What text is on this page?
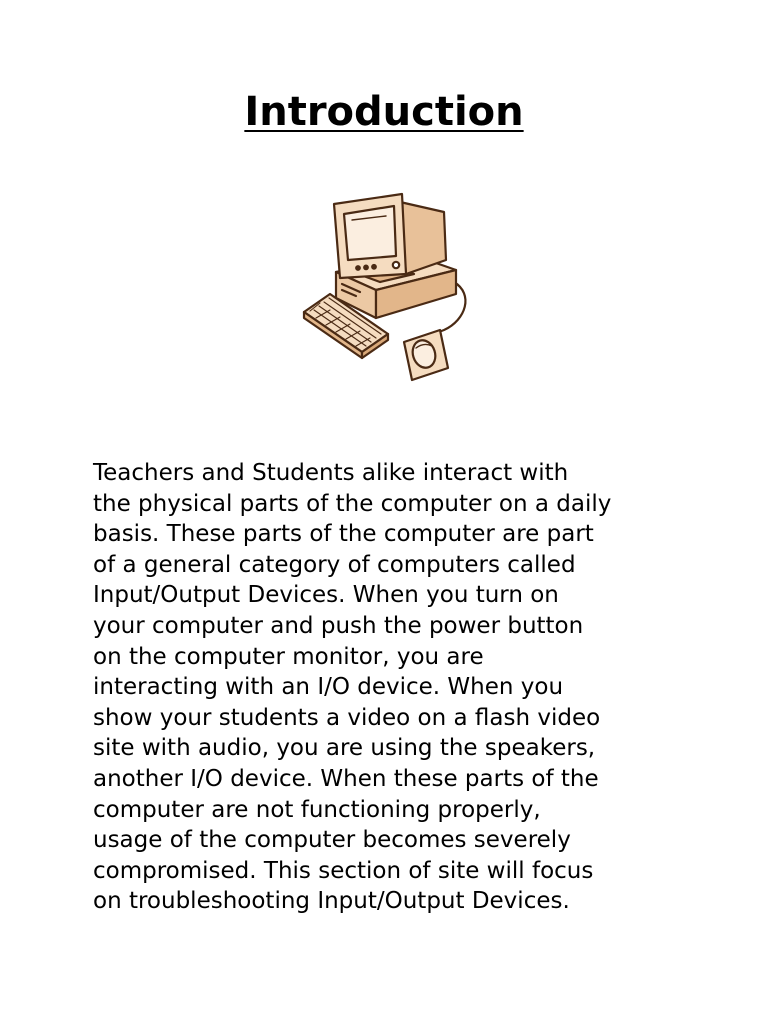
Introduction

Teachers and Students alike interact with
the physical parts of the computer on a daily
basis. These parts of the computer are part
of a general category of computers called
Input/Output Devices. When you turn on
your computer and push the power button
on the computer monitor, you are
interacting with an I/O device. When you
show your students a video on a flash video
site with audio, you are using the speakers,
another I/O device. When these parts of the
computer are not functioning properly,
usage of the computer becomes severely
compromised. This section of site will focus
on troubleshooting Input/Output Devices.
